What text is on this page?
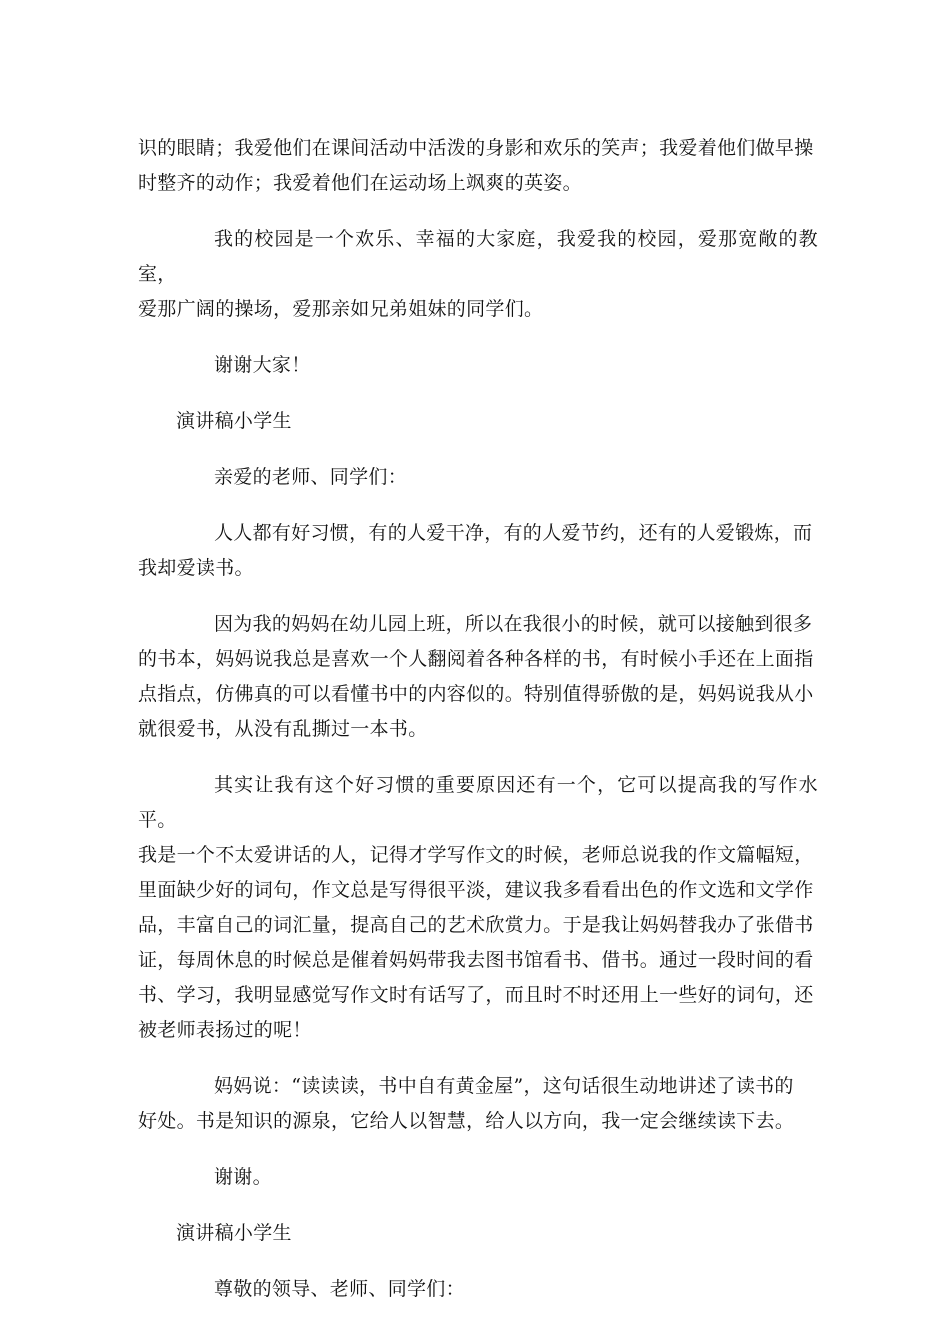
识的眼睛；我爱他们在课间活动中活泼的身影和欢乐的笑声；我爱着他们做早操
时整齐的动作；我爱着他们在运动场上飒爽的英姿。

我的校园是一个欢乐、幸福的大家庭，我爱我的校园，爱那宽敞的教室，
爱那广阔的操场，爱那亲如兄弟姐妹的同学们。

谢谢大家！

演讲稿小学生

亲爱的老师、同学们：

人人都有好习惯，有的人爱干净，有的人爱节约，还有的人爱锻炼，而
我却爱读书。

因为我的妈妈在幼儿园上班，所以在我很小的时候，就可以接触到很多
的书本，妈妈说我总是喜欢一个人翻阅着各种各样的书，有时候小手还在上面指
点指点，仿佛真的可以看懂书中的内容似的。特别值得骄傲的是，妈妈说我从小
就很爱书，从没有乱撕过一本书。

其实让我有这个好习惯的重要原因还有一个，它可以提高我的写作水平。
我是一个不太爱讲话的人，记得才学写作文的时候，老师总说我的作文篇幅短，
里面缺少好的词句，作文总是写得很平淡，建议我多看看出色的作文选和文学作
品，丰富自己的词汇量，提高自己的艺术欣赏力。于是我让妈妈替我办了张借书
证，每周休息的时候总是催着妈妈带我去图书馆看书、借书。通过一段时间的看
书、学习，我明显感觉写作文时有话写了，而且时不时还用上一些好的词句，还
被老师表扬过的呢！

妈妈说：“读读读，书中自有黄金屋”，这句话很生动地讲述了读书的
好处。书是知识的源泉，它给人以智慧，给人以方向，我一定会继续读下去。

谢谢。

演讲稿小学生

尊敬的领导、老师、同学们：
